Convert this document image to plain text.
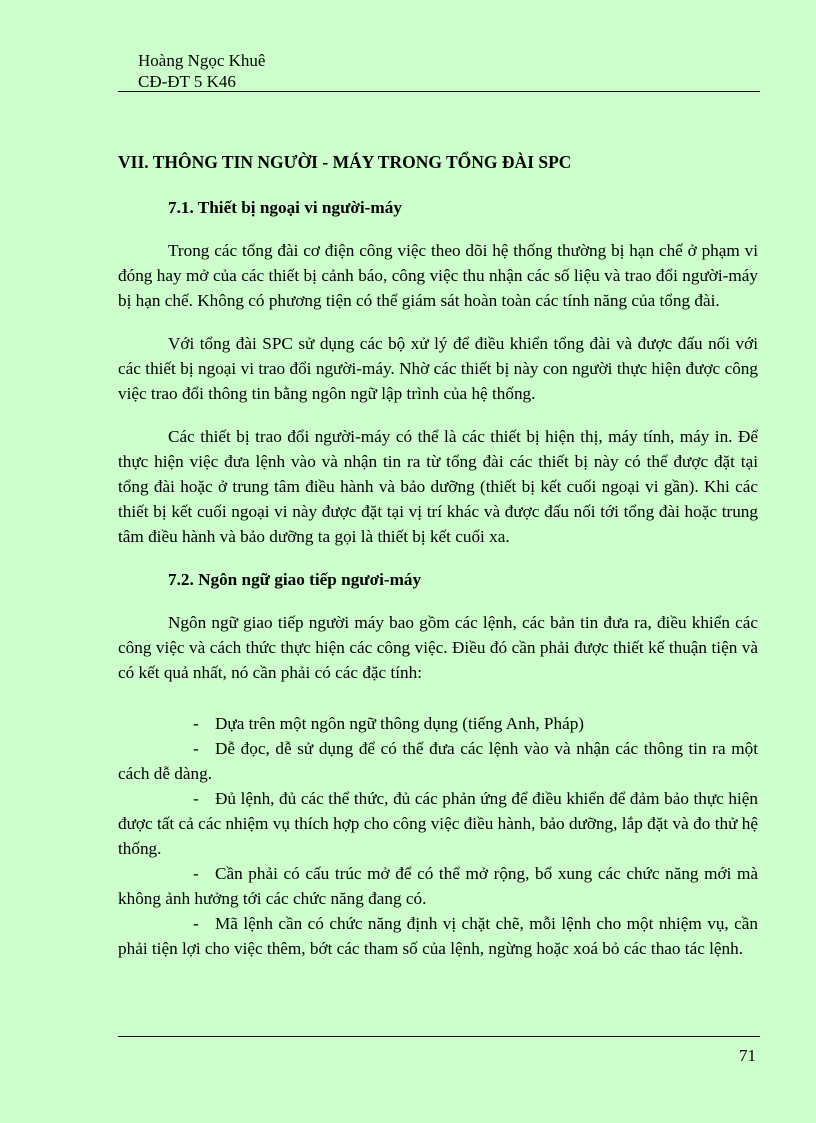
Hoàng Ngọc Khuê
CĐ-ĐT 5 K46
VII. THÔNG TIN NGƯỜI - MÁY TRONG TỔNG ĐÀI SPC
7.1. Thiết bị ngoại vi người-máy

Trong các tổng đài cơ điện công việc theo dõi hệ thống thường bị hạn chế ở phạm vi đóng hay mở của các thiết bị cảnh báo, công việc thu nhận các số liệu và trao đổi người-máy bị hạn chế. Không có phương tiện có thể giám sát hoàn toàn các tính năng của tổng đài.

Với tổng đài SPC sử dụng các bộ xử lý để điều khiển tổng đài và được đấu nối với các thiết bị ngoại vi trao đổi người-máy. Nhờ các thiết bị này con người thực hiện được công việc trao đổi thông tin bằng ngôn ngữ lập trình của hệ thống.

Các thiết bị trao đổi người-máy có thể là các thiết bị hiện thị, máy tính, máy in. Để thực hiện việc đưa lệnh vào và nhận tin ra từ tổng đài các thiết bị này có thể được đặt tại tổng đài hoặc ở trung tâm điều hành và bảo dưỡng (thiết bị kết cuối ngoại vi gần). Khi các thiết bị kết cuối ngoại vi này được đặt tại vị trí khác và được đấu nối tới tổng đài hoặc trung tâm điều hành và bảo dưỡng ta gọi là thiết bị kết cuối xa.

7.2. Ngôn ngữ giao tiếp ngươi-máy

Ngôn ngữ giao tiếp người máy bao gồm các lệnh, các bản tin đưa ra, điều khiển các công việc và cách thức thực hiện các công việc. Điều đó cần phải được thiết kế thuận tiện và có kết quả nhất, nó cần phải có các đặc tính:

- Dựa trên một ngôn ngữ thông dụng (tiếng Anh, Pháp)
- Dễ đọc, dễ sử dụng để có thể đưa các lệnh vào và nhận các thông tin ra một cách dễ dàng.
- Đủ lệnh, đủ các thể thức, đủ các phản ứng để điều khiển để đảm bảo thực hiện được tất cả các nhiệm vụ thích hợp cho công việc điều hành, bảo dưỡng, lắp đặt và đo thử hệ thống.
- Cần phải có cấu trúc mở để có thể mở rộng, bổ xung các chức năng mới mà không ảnh hưởng tới các chức năng đang có.
- Mã lệnh cần có chức năng định vị chặt chẽ, mỗi lệnh cho một nhiệm vụ, cần phải tiện lợi cho việc thêm, bớt các tham số của lệnh, ngừng hoặc xoá bỏ các thao tác lệnh.
71
